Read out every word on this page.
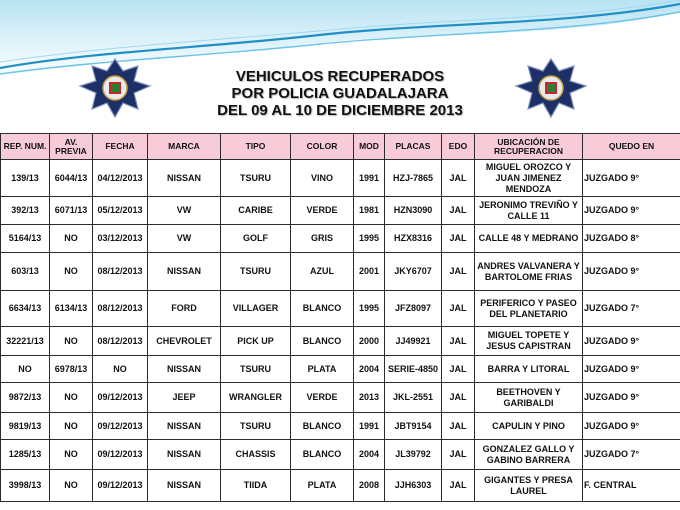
VEHICULOS RECUPERADOS
POR POLICIA GUADALAJARA
DEL 09 AL 10 DE DICIEMBRE 2013
REP. NUM.	AV. PREVIA	FECHA	MARCA	TIPO	COLOR	MOD	PLACAS	EDO	UBICACIÓN DE RECUPERACION	QUEDO EN
139/13	6044/13	04/12/2013	NISSAN	TSURU	VINO	1991	HZJ-7865	JAL	MIGUEL OROZCO Y JUAN JIMENEZ MENDOZA	JUZGADO 9°
392/13	6071/13	05/12/2013	VW	CARIBE	VERDE	1981	HZN3090	JAL	JERONIMO TREVIÑO Y CALLE 11	JUZGADO 9°
5164/13	NO	03/12/2013	VW	GOLF	GRIS	1995	HZX8316	JAL	CALLE 48 Y MEDRANO	JUZGADO 8°
603/13	NO	08/12/2013	NISSAN	TSURU	AZUL	2001	JKY6707	JAL	ANDRES VALVANERA Y BARTOLOME FRIAS	JUZGADO 9°
6634/13	6134/13	08/12/2013	FORD	VILLAGER	BLANCO	1995	JFZ8097	JAL	PERIFERICO Y PASEO DEL PLANETARIO	JUZGADO 7°
32221/13	NO	08/12/2013	CHEVROLET	PICK UP	BLANCO	2000	JJ49921	JAL	MIGUEL TOPETE Y JESUS CAPISTRAN	JUZGADO 9°
NO	6978/13	NO	NISSAN	TSURU	PLATA	2004	SERIE-4850	JAL	BARRA Y LITORAL	JUZGADO 9°
9872/13	NO	09/12/2013	JEEP	WRANGLER	VERDE	2013	JKL-2551	JAL	BEETHOVEN Y GARIBALDI	JUZGADO 9°
9819/13	NO	09/12/2013	NISSAN	TSURU	BLANCO	1991	JBT9154	JAL	CAPULIN Y PINO	JUZGADO 9°
1285/13	NO	09/12/2013	NISSAN	CHASSIS	BLANCO	2004	JL39792	JAL	GONZALEZ GALLO Y GABINO BARRERA	JUZGADO 7°
3998/13	NO	09/12/2013	NISSAN	TIIDA	PLATA	2008	JJH6303	JAL	GIGANTES Y PRESA LAUREL	F. CENTRAL
